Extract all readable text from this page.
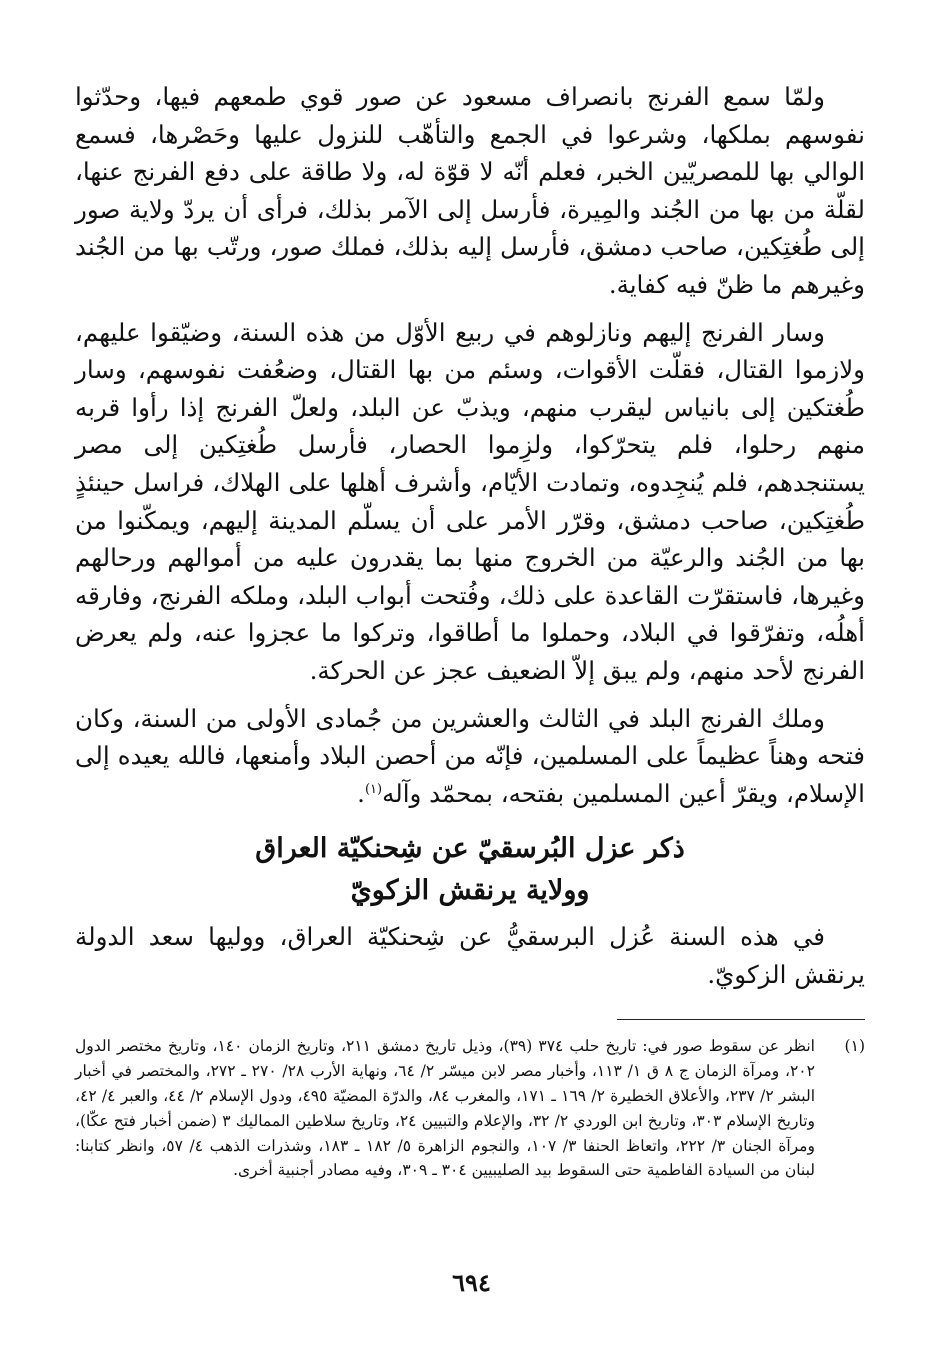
ولمّا سمع الفرنج بانصراف مسعود عن صور قوي طمعهم فيها، وحدّثوا نفوسهم بملكها، وشرعوا في الجمع والتأهّب للنزول عليها وحَصْرها، فسمع الوالي بها للمصريّين الخبر، فعلم أنّه لا قوّة له، ولا طاقة على دفع الفرنج عنها، لقلّة من بها من الجُند والمِيرة، فأرسل إلى الآمر بذلك، فرأى أن يردّ ولاية صور إلى طُغتِكين، صاحب دمشق، فأرسل إليه بذلك، فملك صور، ورتّب بها من الجُند وغيرهم ما ظنّ فيه كفاية.

وسار الفرنج إليهم ونازلوهم في ربيع الأوّل من هذه السنة، وضيّقوا عليهم، ولازموا القتال، فقلّت الأقوات، وسئم من بها القتال، وضعُفت نفوسهم، وسار طُغتكين إلى بانياس ليقرب منهم، ويذبّ عن البلد، ولعلّ الفرنج إذا رأوا قربه منهم رحلوا، فلم يتحرّكوا، ولزِموا الحصار، فأرسل طُغتِكين إلى مصر يستنجدهم، فلم يُنجِدوه، وتمادت الأيّام، وأشرف أهلها على الهلاك، فراسل حينئذٍ طُغتِكين، صاحب دمشق، وقرّر الأمر على أن يسلّم المدينة إليهم، ويمكّنوا من بها من الجُند والرعيّة من الخروج منها بما يقدرون عليه من أموالهم ورحالهم وغيرها، فاستقرّت القاعدة على ذلك، وفُتحت أبواب البلد، وملكه الفرنج، وفارقه أهلُه، وتفرّقوا في البلاد، وحملوا ما أطاقوا، وتركوا ما عجزوا عنه، ولم يعرض الفرنج لأحد منهم، ولم يبق إلاّ الضعيف عجز عن الحركة.

وملك الفرنج البلد في الثالث والعشرين من جُمادى الأولى من السنة، وكان فتحه وهناً عظيماً على المسلمين، فإنّه من أحصن البلاد وأمنعها، فالله يعيده إلى الإسلام، ويقرّ أعين المسلمين بفتحه، بمحمّد وآله$^{(١)}$.

ذكر عزل البُرسقيّ عن شِحنكيّة العراق
وولاية يرنقش الزكويّ

في هذه السنة عُزل البرسقيُّ عن شِحنكيّة العراق، ووليها سعد الدولة يرنقش الزكويّ.

(١)
انظر عن سقوط صور في: تاريخ حلب ٣٧٤ (٣٩)، وذيل تاريخ دمشق ٢١١، وتاريخ الزمان ١٤٠، وتاريخ مختصر الدول ٢٠٢، ومرآة الزمان ج ٨ ق ١/ ١١٣، وأخبار مصر لابن ميسّر ٢/ ٦٤، ونهاية الأرب ٢٨/ ٢٧٠ ـ ٢٧٢، والمختصر في أخبار البشر ٢/ ٢٣٧، والأعلاق الخطيرة ٢/ ١٦٩ ـ ١٧١، والمغرب ٨٤، والدرّة المضيّة ٤٩٥، ودول الإسلام ٢/ ٤٤، والعبر ٤/ ٤٢، وتاريخ الإسلام ٣٠٣، وتاريخ ابن الوردي ٢/ ٣٢، والإعلام والتبيين ٢٤، وتاريخ سلاطين المماليك ٣ (ضمن أخبار فتح عكّا)، ومرآة الجنان ٣/ ٢٢٢، واتعاظ الحنفا ٣/ ١٠٧، والنجوم الزاهرة ٥/ ١٨٢ ـ ١٨٣، وشذرات الذهب ٤/ ٥٧، وانظر كتابنا: لبنان من السيادة الفاطمية حتى السقوط بيد الصليبيين ٣٠٤ ـ ٣٠٩، وفيه مصادر أجنبية أخرى.
٦٩٤
